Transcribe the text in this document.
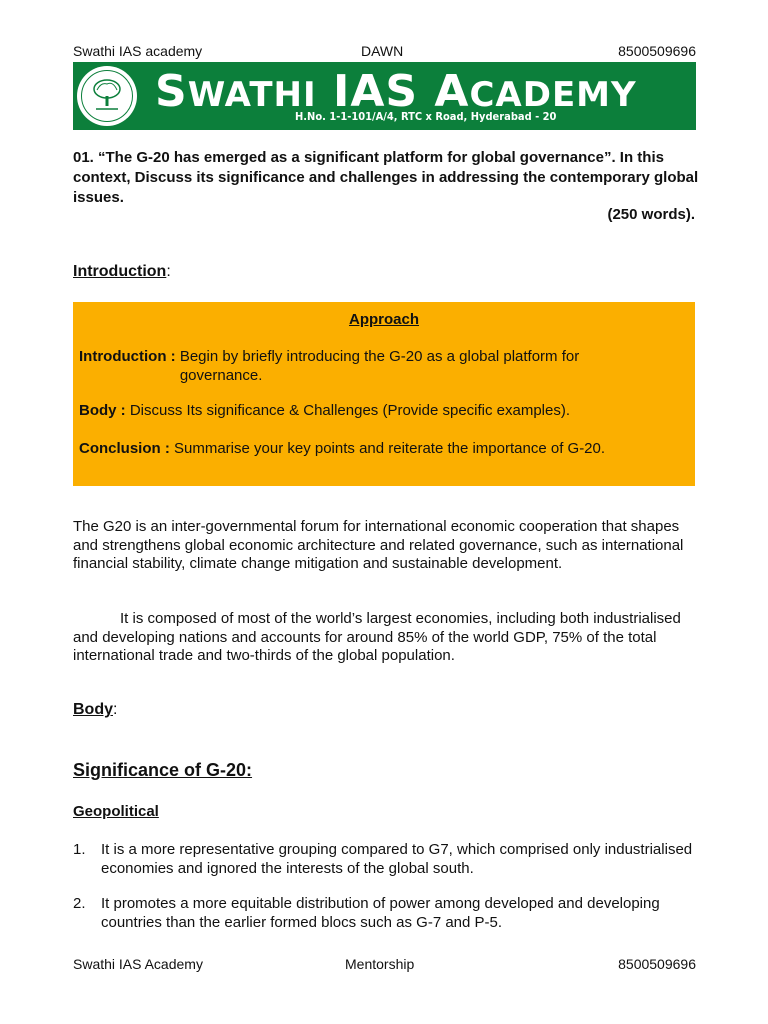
Swathi IAS academy	DAWN	8500509696
SWATHI IAS ACADEMY
H.No. 1-1-101/A/4, RTC x Road, Hyderabad - 20
01. “The G-20 has emerged as a significant platform for global governance”. In this context, Discuss its significance and challenges in addressing the contemporary global issues.
(250 words).
Introduction:
Approach
Introduction : Begin by briefly introducing the G-20 as a global platform for governance.
Body : Discuss Its significance & Challenges (Provide specific examples).
Conclusion : Summarise your key points and reiterate the importance of G-20.
The G20 is an inter-governmental forum for international economic cooperation that shapes and strengthens global economic architecture and related governance, such as international financial stability, climate change mitigation and sustainable development.
It is composed of most of the world’s largest economies, including both industrialised and developing nations and accounts for around 85% of the world GDP, 75% of the total international trade and two-thirds of the global population.
Body:
Significance of G-20:
Geopolitical
1. It is a more representative grouping compared to G7, which comprised only industrialised economies and ignored the interests of the global south.
2. It promotes a more equitable distribution of power among developed and developing countries than the earlier formed blocs such as G-7 and P-5.
Swathi IAS Academy	Mentorship	8500509696
